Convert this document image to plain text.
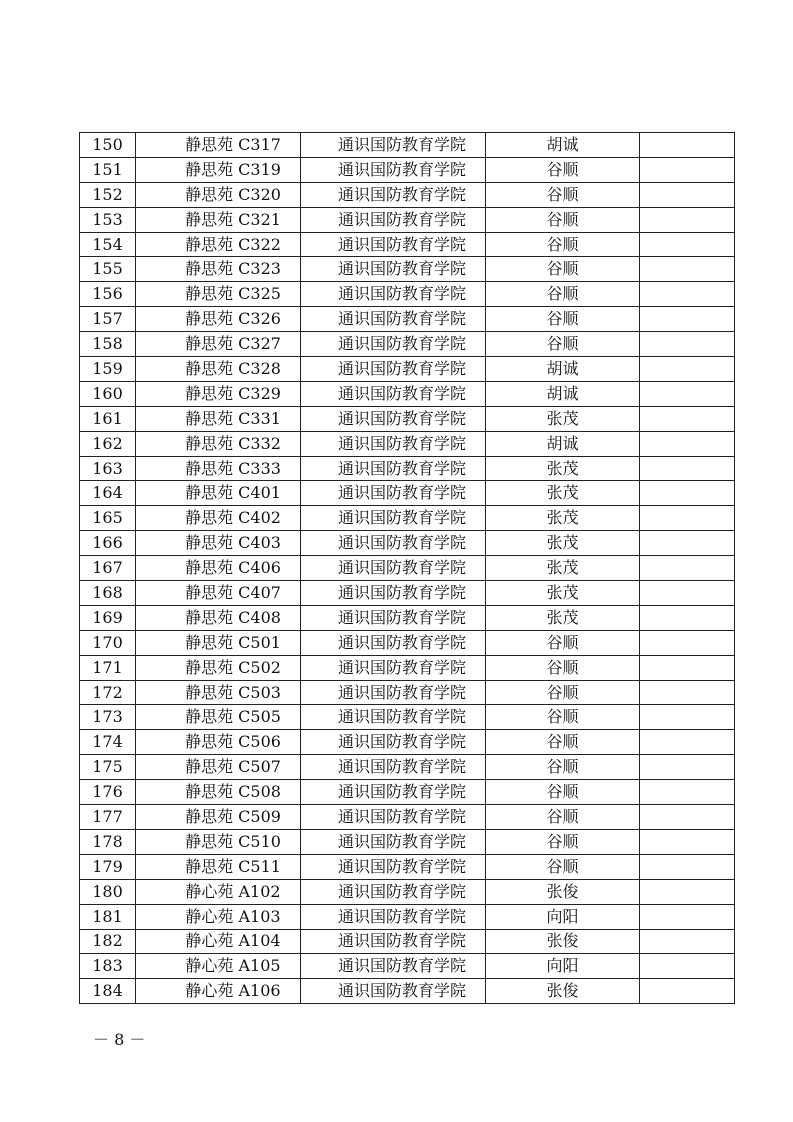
150	静思苑 C317	通识国防教育学院	胡诚	
151	静思苑 C319	通识国防教育学院	谷顺	
152	静思苑 C320	通识国防教育学院	谷顺	
153	静思苑 C321	通识国防教育学院	谷顺	
154	静思苑 C322	通识国防教育学院	谷顺	
155	静思苑 C323	通识国防教育学院	谷顺	
156	静思苑 C325	通识国防教育学院	谷顺	
157	静思苑 C326	通识国防教育学院	谷顺	
158	静思苑 C327	通识国防教育学院	谷顺	
159	静思苑 C328	通识国防教育学院	胡诚	
160	静思苑 C329	通识国防教育学院	胡诚	
161	静思苑 C331	通识国防教育学院	张茂	
162	静思苑 C332	通识国防教育学院	胡诚	
163	静思苑 C333	通识国防教育学院	张茂	
164	静思苑 C401	通识国防教育学院	张茂	
165	静思苑 C402	通识国防教育学院	张茂	
166	静思苑 C403	通识国防教育学院	张茂	
167	静思苑 C406	通识国防教育学院	张茂	
168	静思苑 C407	通识国防教育学院	张茂	
169	静思苑 C408	通识国防教育学院	张茂	
170	静思苑 C501	通识国防教育学院	谷顺	
171	静思苑 C502	通识国防教育学院	谷顺	
172	静思苑 C503	通识国防教育学院	谷顺	
173	静思苑 C505	通识国防教育学院	谷顺	
174	静思苑 C506	通识国防教育学院	谷顺	
175	静思苑 C507	通识国防教育学院	谷顺	
176	静思苑 C508	通识国防教育学院	谷顺	
177	静思苑 C509	通识国防教育学院	谷顺	
178	静思苑 C510	通识国防教育学院	谷顺	
179	静思苑 C511	通识国防教育学院	谷顺	
180	静心苑 A102	通识国防教育学院	张俊	
181	静心苑 A103	通识国防教育学院	向阳	
182	静心苑 A104	通识国防教育学院	张俊	
183	静心苑 A105	通识国防教育学院	向阳	
184	静心苑 A106	通识国防教育学院	张俊	
－ 8 －
